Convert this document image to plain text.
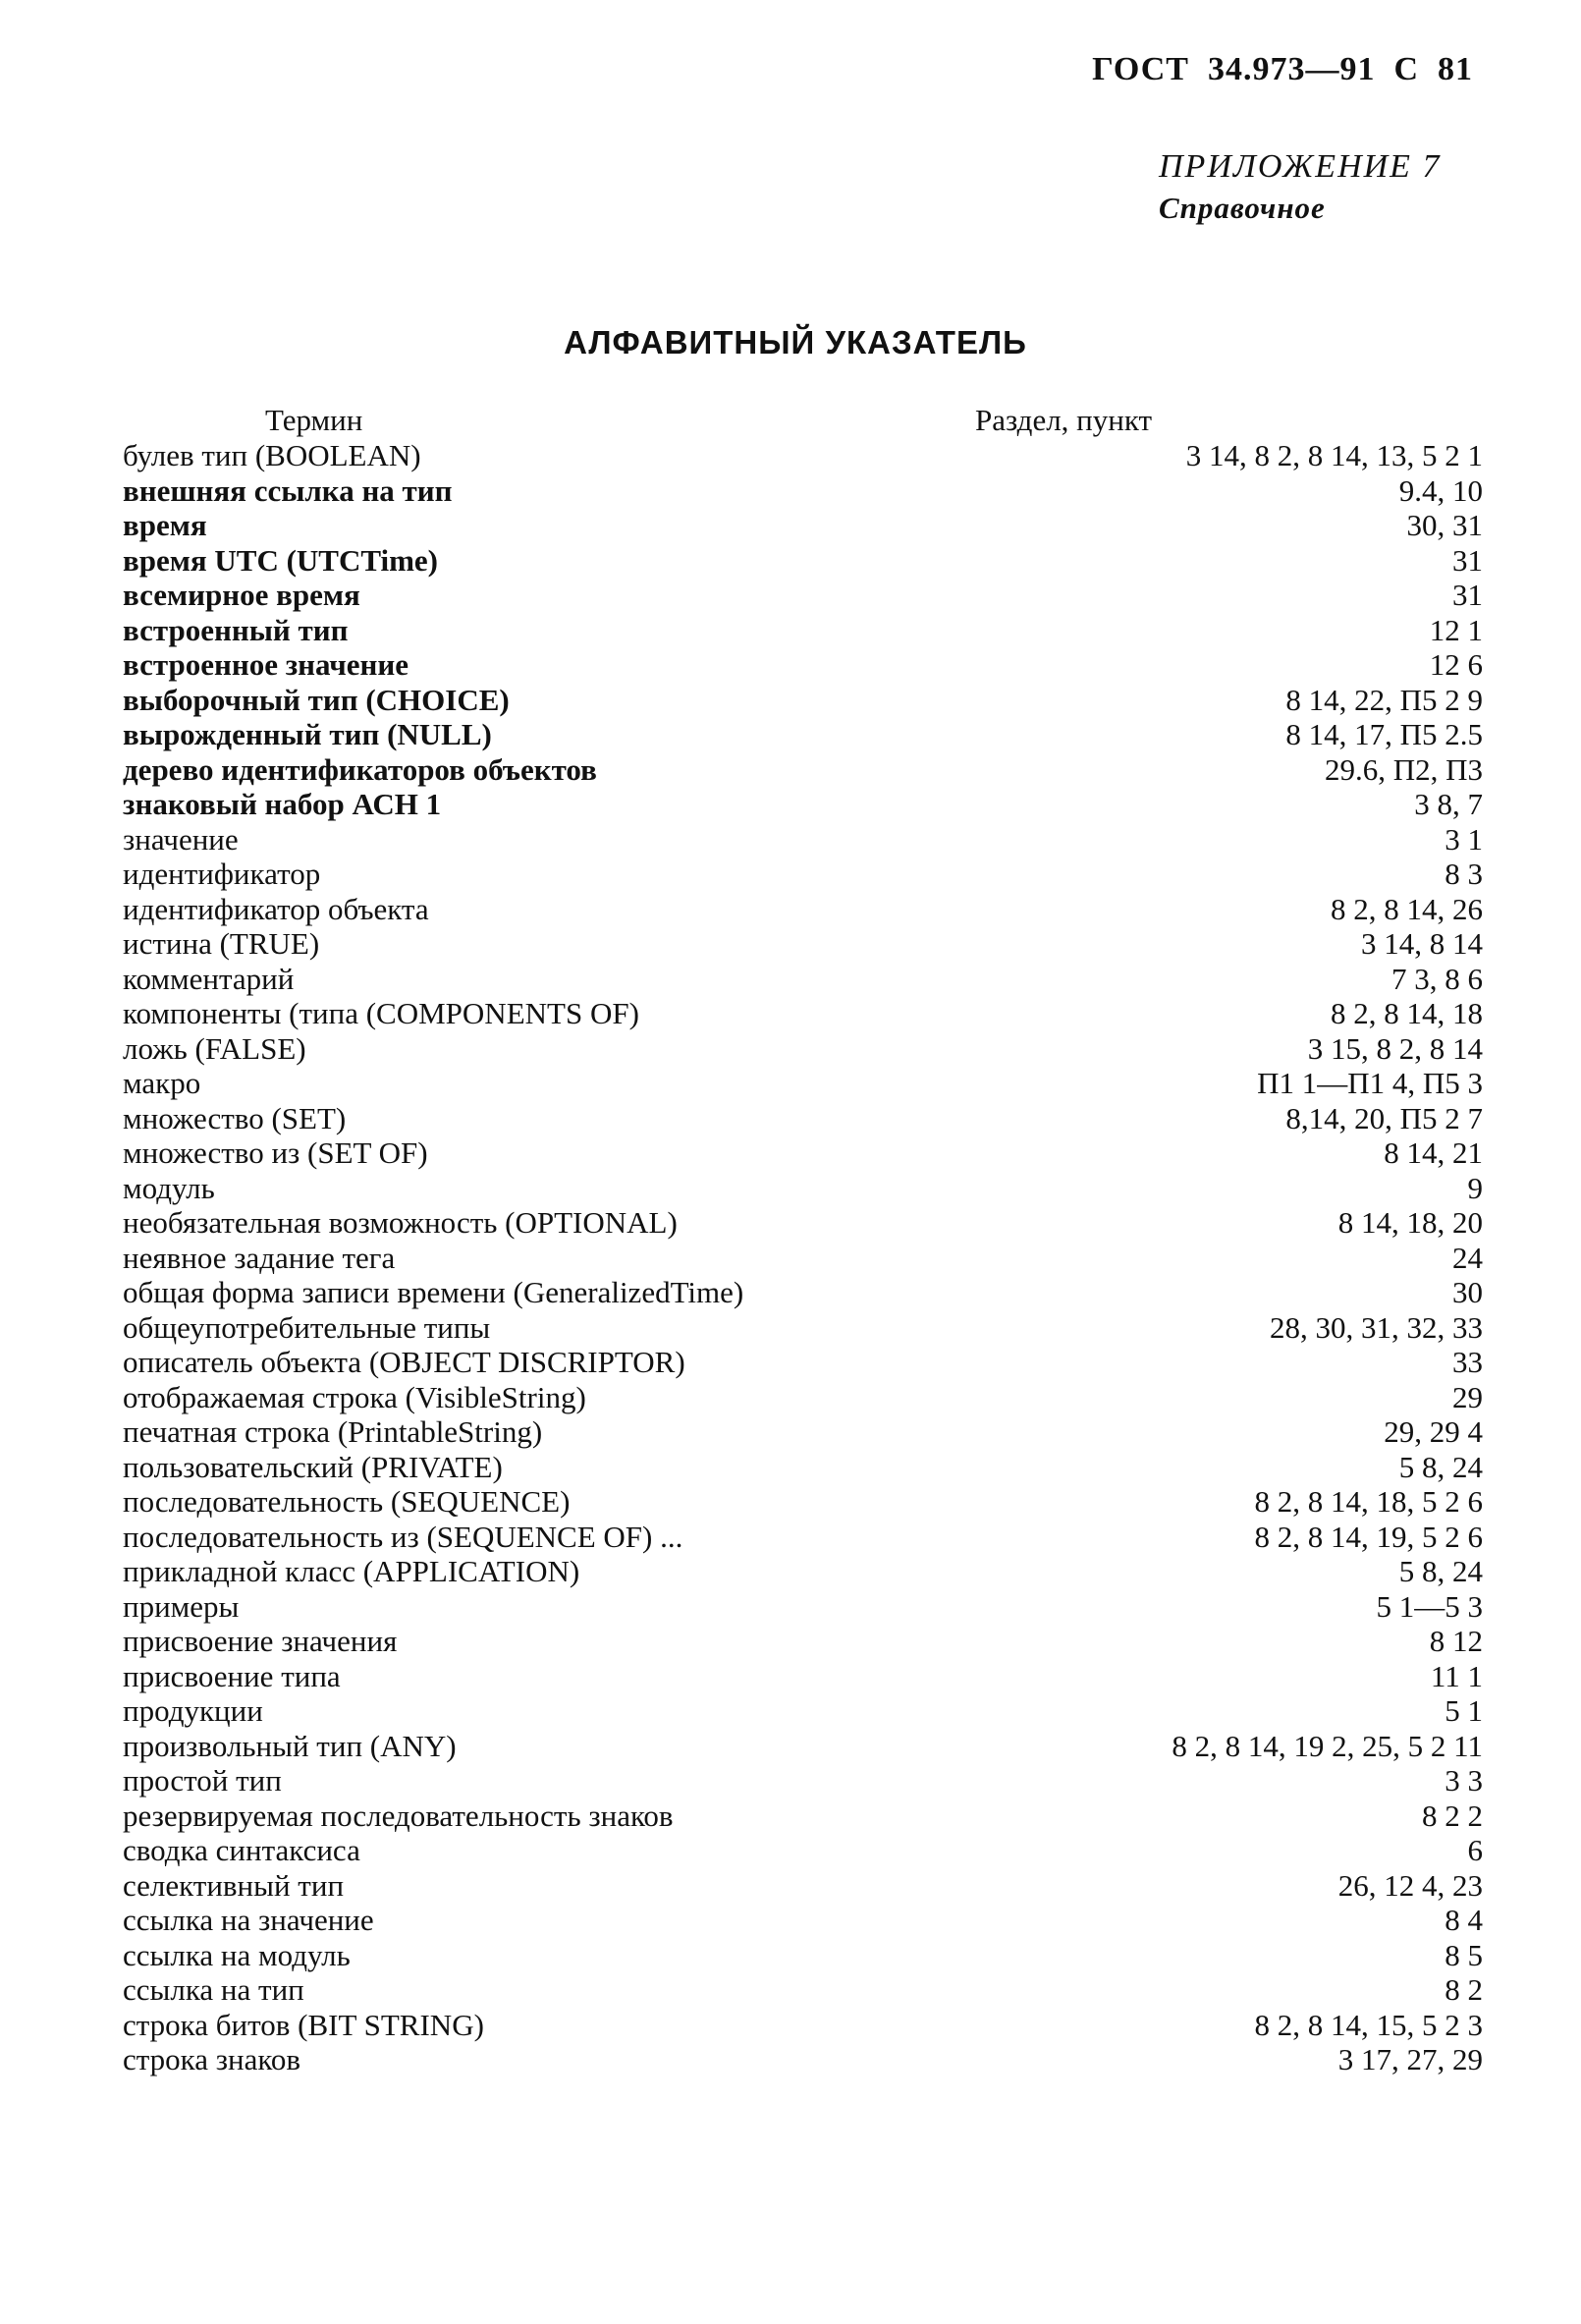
ГОСТ  34.973—91  С  81
ПРИЛОЖЕНИЕ 7
Справочное
АЛФАВИТНЫЙ УКАЗАТЕЛЬ
Термин	Раздел, пункт
булев тип (BOOLEAN)	3 14, 8 2, 8 14, 13, 5 2 1
внешняя ссылка на тип	9.4, 10
время	30, 31
время UTC (UTCTime)	31
всемирное время	31
встроенный тип	12 1
встроенное значение	12 6
выборочный тип (CHOICE)	8 14, 22, П5 2 9
вырожденный тип (NULL)	8 14, 17, П5 2.5
дерево идентификаторов объектов	29.6, П2, П3
знаковый набор АСН 1	3 8, 7
значение	3 1
идентификатор	8 3
идентификатор объекта	8 2, 8 14, 26
истина (TRUE)	3 14, 8 14
комментарий	7 3, 8 6
компоненты (типа (COMPONENTS OF)	8 2, 8 14, 18
ложь (FALSE)	3 15, 8 2, 8 14
макро	П1 1—П1 4, П5 3
множество (SET)	8,14, 20, П5 2 7
множество из (SET OF)	8 14, 21
модуль	9
необязательная возможность (OPTIONAL)	8 14, 18, 20
неявное задание тега	24
общая форма записи времени (GeneralizedTime)	30
общеупотребительные типы	28, 30, 31, 32, 33
описатель объекта (OBJECT DISCRIPTOR)	33
отображаемая строка (VisibleString)	29
печатная строка (PrintableString)	29, 29 4
пользовательский (PRIVATE)	5 8, 24
последовательность (SEQUENCE)	8 2, 8 14, 18, 5 2 6
последовательность из (SEQUENCE OF) ...	8 2, 8 14, 19, 5 2 6
прикладной класс (APPLICATION)	5 8, 24
примеры	5 1—5 3
присвоение значения	8 12
присвоение типа	11 1
продукции	5 1
произвольный тип (ANY)	8 2, 8 14, 19 2, 25, 5 2 11
простой тип	3 3
резервируемая последовательность знаков	8 2 2
сводка синтаксиса	6
селективный тип	26, 12 4, 23
ссылка на значение	8 4
ссылка на модуль	8 5
ссылка на тип	8 2
строка битов (BIT STRING)	8 2, 8 14, 15, 5 2 3
строка знаков	3 17, 27, 29
